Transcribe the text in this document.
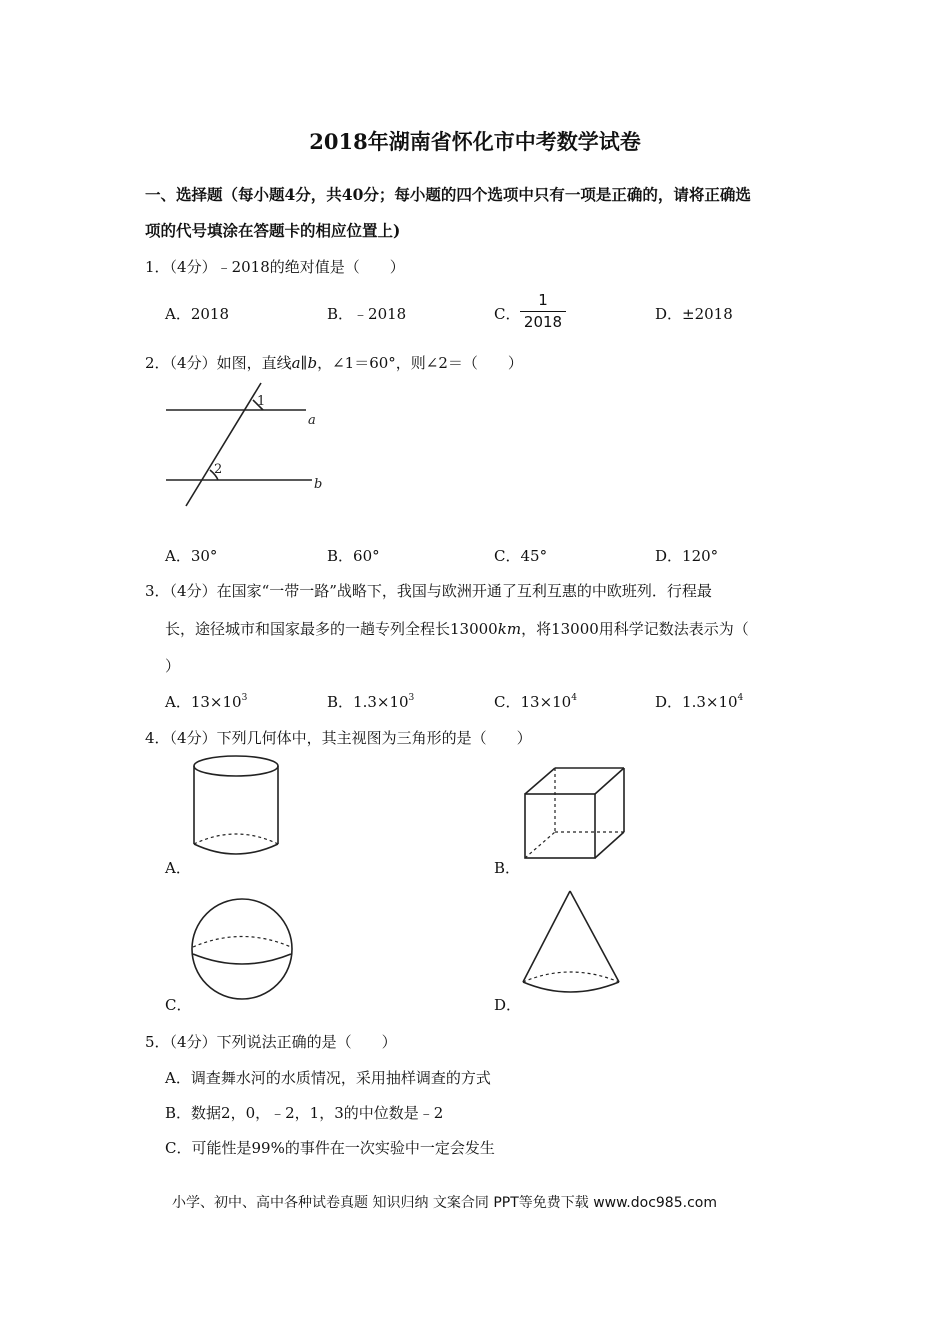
2018年湖南省怀化市中考数学试卷
一、选择题（每小题4分，共40分；每小题的四个选项中只有一项是正确的，请将正确选
项的代号填涂在答题卡的相应位置上)
1．（4分）﹣2018的绝对值是（　　）
A．2018	B．﹣2018	C．
1
2018	D．±2018
2．（4分）如图，直线a∥b，∠1＝60°，则∠2＝（　　）
1
2
a
b
A．30°	B．60°	C．45°	D．120°
3．（4分）在国家“一带一路”战略下，我国与欧洲开通了互利互惠的中欧班列．行程最
长，途径城市和国家最多的一趟专列全程长13000km，将13000用科学记数法表示为（
）
A．$13\times 10^3$	B．$1.3\times 10^3$	C．$13\times 10^4$	D．$1.3\times 10^4$
4．（4分）下列几何体中，其主视图为三角形的是（　　）
A．	B．
C．	D．
5．（4分）下列说法正确的是（　　）
A．调查舞水河的水质情况，采用抽样调查的方式
B．数据2，0，﹣2，1，3的中位数是﹣2
C．可能性是99%的事件在一次实验中一定会发生
小学、初中、高中各种试卷真题 知识归纳 文案合同 PPT等免费下载 www.doc985.com
